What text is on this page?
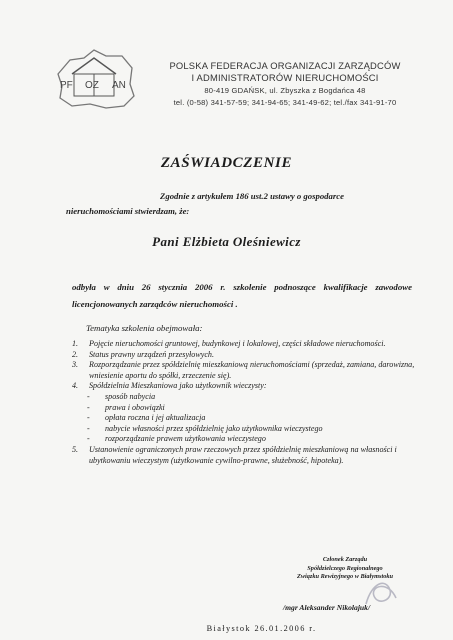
PF OZ AN
POLSKA FEDERACJA ORGANIZACJI ZARZĄDCÓW
I ADMINISTRATORÓW NIERUCHOMOŚCI
80-419 GDAŃSK, ul. Zbyszka z Bogdańca 48
tel. (0-58) 341-57-59; 341-94-65; 341-49-62; tel./fax 341-91-70
ZAŚWIADCZENIE
Zgodnie z artykułem 186 ust.2 ustawy o gospodarce
nieruchomościami stwierdzam, że:
Pani Elżbieta Oleśniewicz
odbyła w dniu 26 stycznia 2006 r. szkolenie podnoszące kwalifikacje zawodowe licencjonowanych zarządców nieruchomości .
Tematyka szkolenia obejmowała:

1. Pojęcie nieruchomości gruntowej, budynkowej i lokalowej, części składowe nieruchomości.

2. Status prawny urządzeń przesyłowych.

3. Rozporządzanie przez spółdzielnię mieszkaniową nieruchomościami (sprzedaż, zamiana, darowizna, wniesienie aportu do spółki, zrzeczenie się).

4. Spółdzielnia Mieszkaniowa jako użytkownik wieczysty:

- sposób nabycia

- prawa i obowiązki

- opłata roczna i jej aktualizacja

- nabycie własności przez spółdzielnię jako użytkownika wieczystego

- rozporządzanie prawem użytkowania wieczystego

5. Ustanowienie ograniczonych praw rzeczowych przez spółdzielnię mieszkaniową na własności i ubytkowaniu wieczystym (użytkowanie cywilno-prawne, służebność, hipoteka).

Członek Zarządu
Spółdzielczego Regionalnego
Związku Rewizyjnego w Białymstoku
/mgr Aleksander Nikolajuk/
Białystok 26.01.2006 r.
